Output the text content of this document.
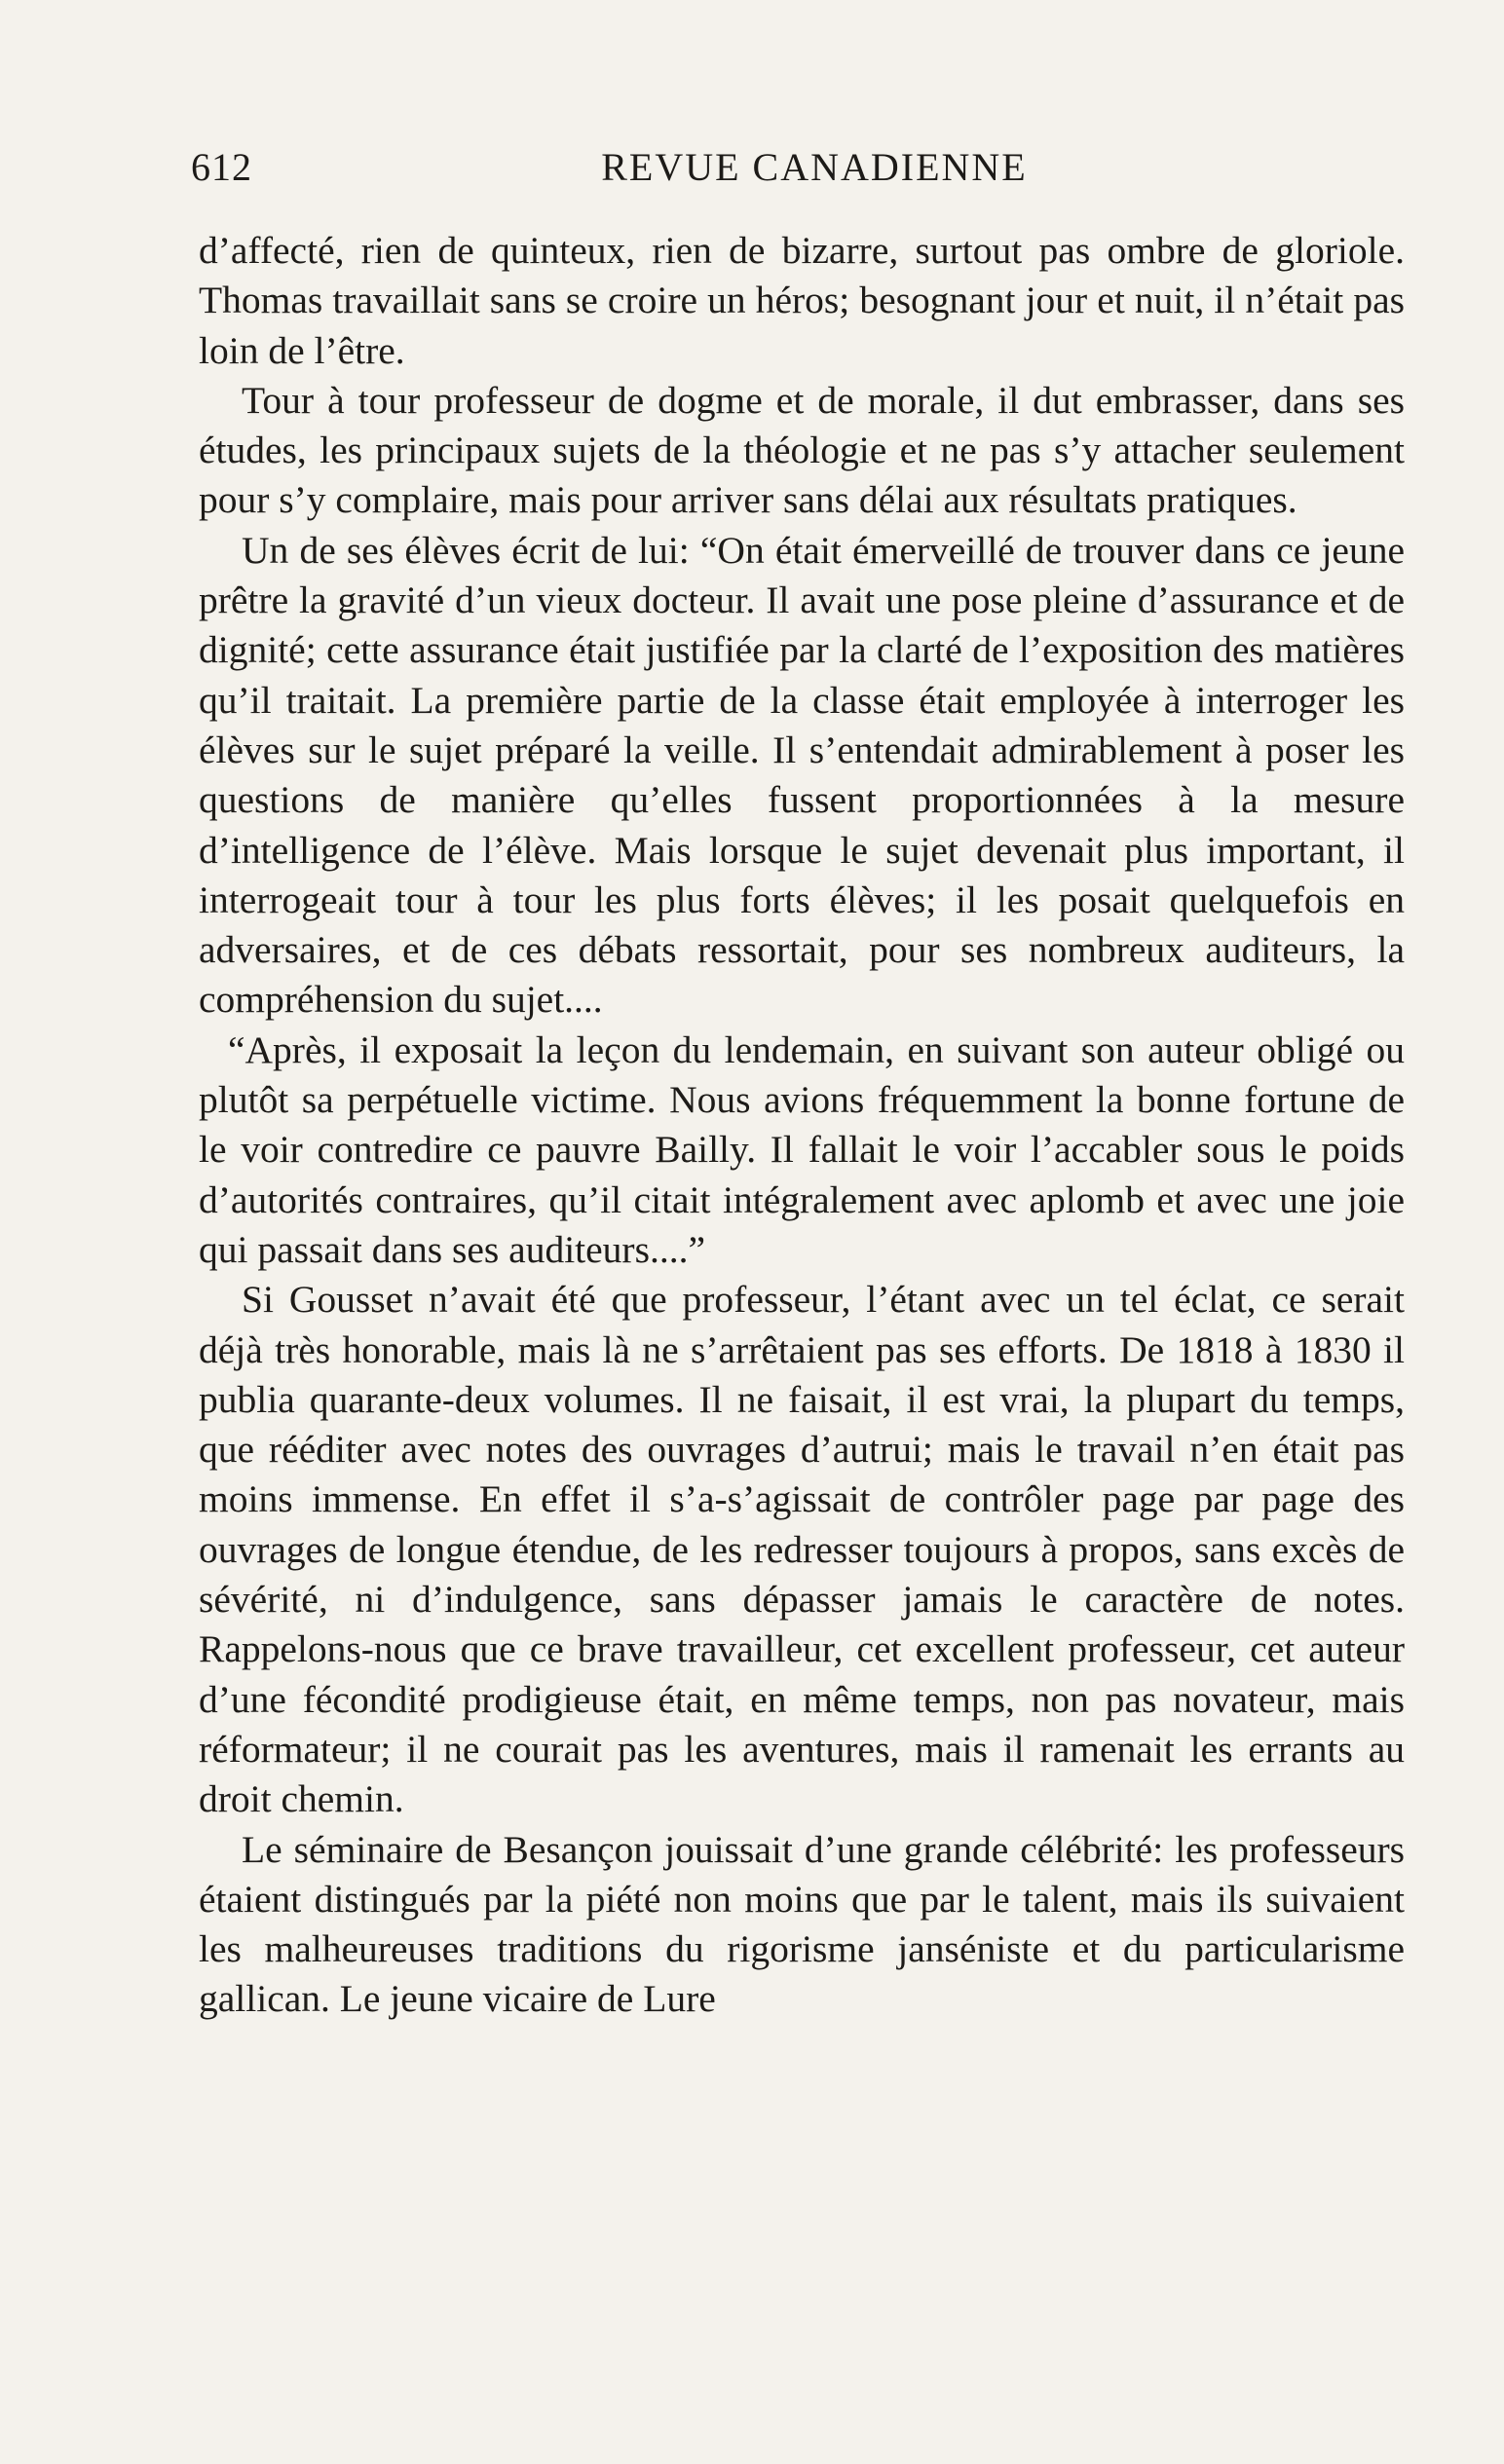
612	REVUE CANADIENNE

d’affecté, rien de quinteux, rien de bizarre, surtout pas ombre de gloriole. Thomas travaillait sans se croire un héros; besognant jour et nuit, il n’était pas loin de l’être.

Tour à tour professeur de dogme et de morale, il dut embrasser, dans ses études, les principaux sujets de la théologie et ne pas s’y attacher seulement pour s’y complaire, mais pour arriver sans délai aux résultats pratiques.

Un de ses élèves écrit de lui: “On était émerveillé de trouver dans ce jeune prêtre la gravité d’un vieux docteur. Il avait une pose pleine d’assurance et de dignité; cette assurance était justifiée par la clarté de l’exposition des matières qu’il traitait. La première partie de la classe était employée à interroger les élèves sur le sujet préparé la veille. Il s’entendait admirablement à poser les questions de manière qu’elles fussent proportionnées à la mesure d’intelligence de l’élève. Mais lorsque le sujet devenait plus important, il interrogeait tour à tour les plus forts élèves; il les posait quelquefois en adversaires, et de ces débats ressortait, pour ses nombreux auditeurs, la compréhension du sujet....

“Après, il exposait la leçon du lendemain, en suivant son auteur obligé ou plutôt sa perpétuelle victime. Nous avions fréquemment la bonne fortune de le voir contredire ce pauvre Bailly. Il fallait le voir l’accabler sous le poids d’autorités contraires, qu’il citait intégralement avec aplomb et avec une joie qui passait dans ses auditeurs....”

Si Gousset n’avait été que professeur, l’étant avec un tel éclat, ce serait déjà très honorable, mais là ne s’arrêtaient pas ses efforts. De 1818 à 1830 il publia quarante-deux volumes. Il ne faisait, il est vrai, la plupart du temps, que rééditer avec notes des ouvrages d’autrui; mais le travail n’en était pas moins immense. En effet il s’a-s’agissait de contrôler page par page des ouvrages de longue étendue, de les redresser toujours à propos, sans excès de sévérité, ni d’indulgence, sans dépasser jamais le caractère de notes. Rappelons-nous que ce brave travailleur, cet excellent professeur, cet auteur d’une fécondité prodigieuse était, en même temps, non pas novateur, mais réformateur; il ne courait pas les aventures, mais il ramenait les errants au droit chemin.

Le séminaire de Besançon jouissait d’une grande célébrité: les professeurs étaient distingués par la piété non moins que par le talent, mais ils suivaient les malheureuses traditions du rigorisme janséniste et du particularisme gallican. Le jeune vicaire de Lure
